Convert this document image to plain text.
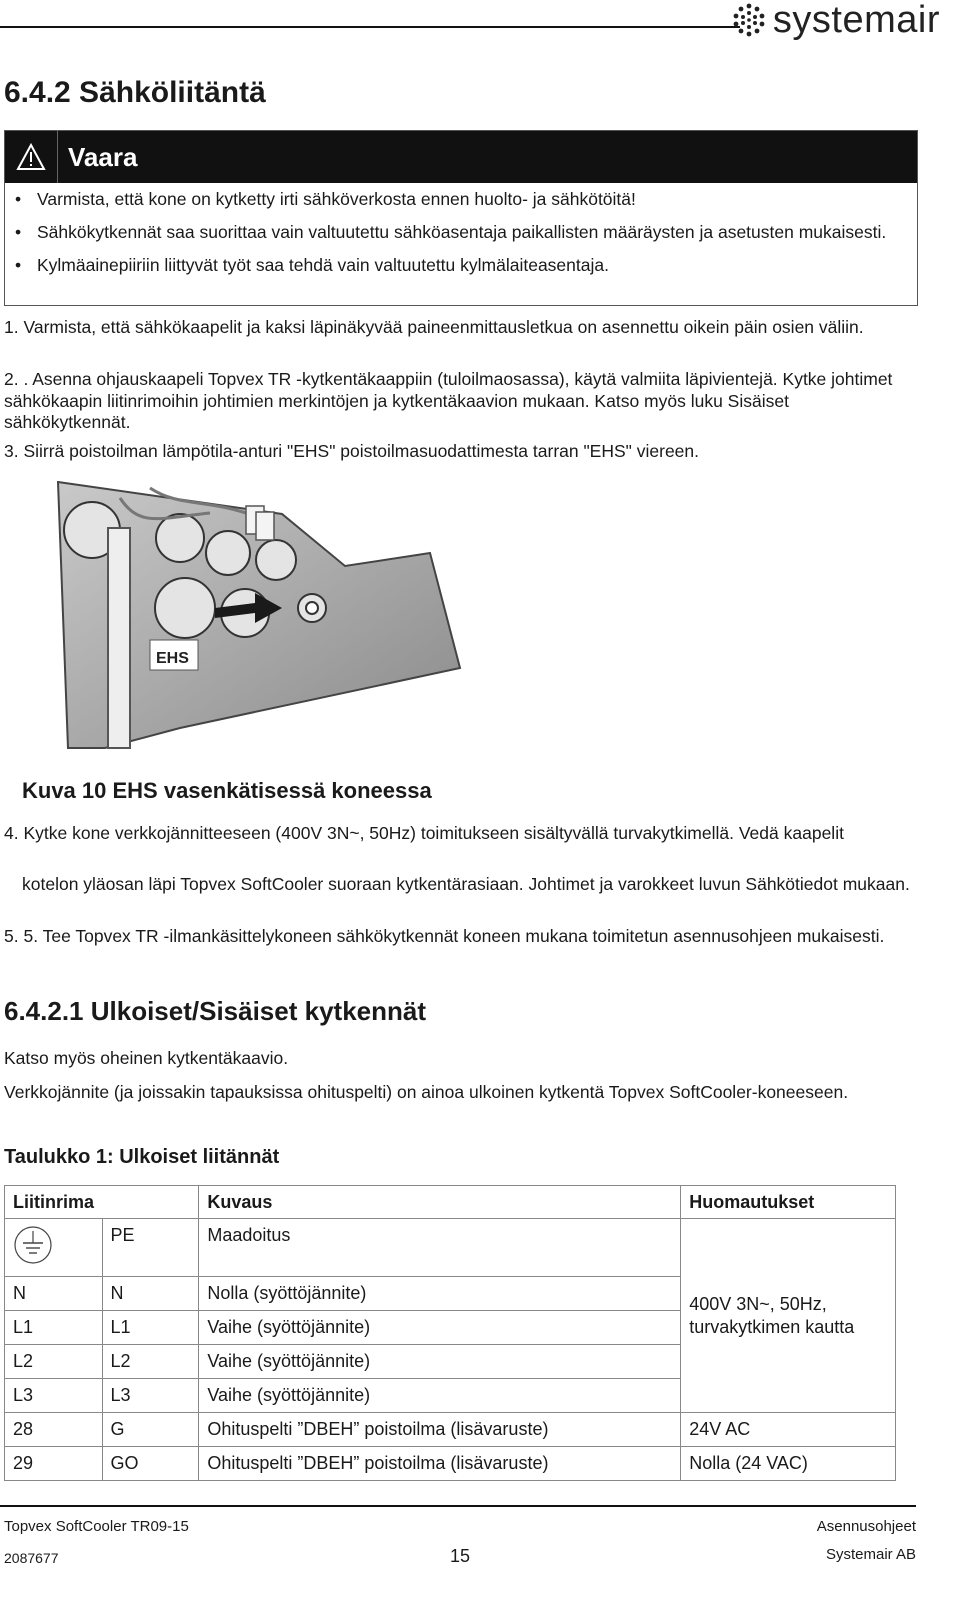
systemair
6.4.2 Sähköliitäntä
Vaara
• Varmista, että kone on kytketty irti sähköverkosta ennen huolto- ja sähkötöitä!
• Sähkökytkennät saa suorittaa vain valtuutettu sähköasentaja paikallisten määräysten ja asetusten mukaisesti.
• Kylmäainepiiriin liittyvät työt saa tehdä vain valtuutettu kylmälaiteasentaja.
1. Varmista, että sähkökaapelit ja kaksi läpinäkyvää paineenmittausletkua on asennettu oikein päin osien väliin.
2. . Asenna ohjauskaapeli Topvex TR -kytkentäkaappiin (tuloilmaosassa), käytä valmiita läpivientejä. Kytke johtimet sähkökaapin liitinrimoihin johtimien merkintöjen ja kytkentäkaavion mukaan. Katso myös luku Sisäiset sähkökytkennät.
3. Siirrä poistoilman lämpötila-anturi "EHS" poistoilmasuodattimesta tarran "EHS" viereen.
EHS
Kuva 10 EHS vasenkätisessä koneessa
4. Kytke kone verkkojännitteeseen (400V 3N~, 50Hz) toimitukseen sisältyvällä turvakytkimellä. Vedä kaapelit
kotelon yläosan läpi Topvex SoftCooler suoraan kytkentärasiaan. Johtimet ja varokkeet luvun Sähkötiedot mukaan.
5. 5. Tee Topvex TR -ilmankäsittelykoneen sähkökytkennät koneen mukana toimitetun asennusohjeen mukaisesti.
6.4.2.1 Ulkoiset/Sisäiset kytkennät
Katso myös oheinen kytkentäkaavio.
Verkkojännite (ja joissakin tapauksissa ohituspelti) on ainoa ulkoinen kytkentä Topvex SoftCooler-koneeseen.
Taulukko 1: Ulkoiset liitännät
Liitinrima		Kuvaus	Huomautukset
	PE	Maadoitus	400V 3N~, 50Hz, turvakytkimen kautta
N	N	Nolla (syöttöjännite)	
L1	L1	Vaihe (syöttöjännite)	
L2	L2	Vaihe (syöttöjännite)	
L3	L3	Vaihe (syöttöjännite)	
28	G	Ohituspelti ”DBEH” poistoilma (lisävaruste)	24V AC
29	GO	Ohituspelti ”DBEH” poistoilma (lisävaruste)	Nolla (24 VAC)
Topvex SoftCooler TR09-15
2087677	15
Asennusohjeet
Systemair AB
